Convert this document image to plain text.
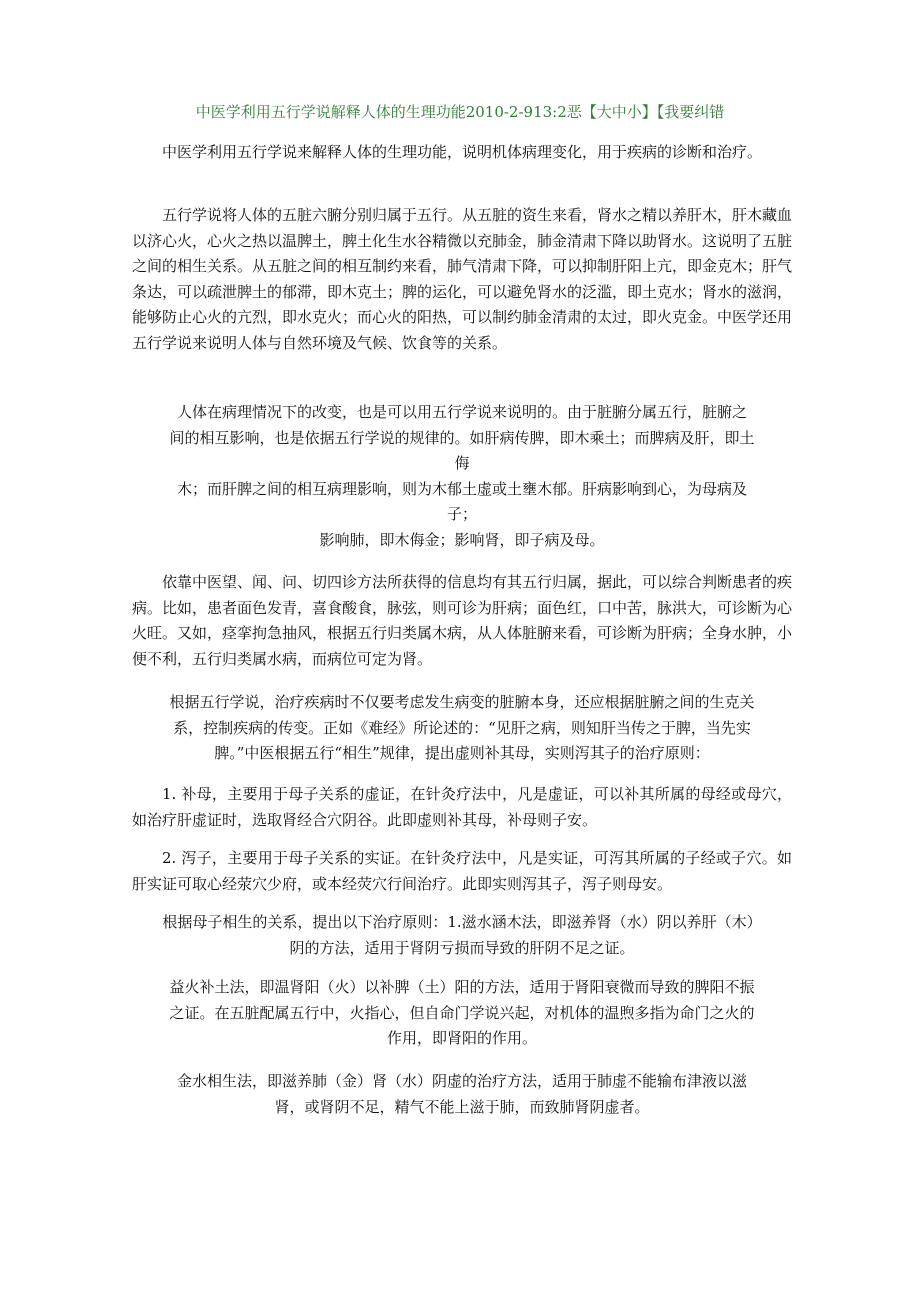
中医学利用五行学说解释人体的生理功能2010-2-913:2恶【大中小】【我要纠错
中医学利用五行学说来解释人体的生理功能，说明机体病理变化，用于疾病的诊断和治疗。
五行学说将人体的五脏六腑分别归属于五行。从五脏的资生来看，肾水之精以养肝木，肝木藏血以济心火，心火之热以温脾土，脾土化生水谷精微以充肺金，肺金清肃下降以助肾水。这说明了五脏之间的相生关系。从五脏之间的相互制约来看，肺气清肃下降，可以抑制肝阳上亢，即金克木；肝气条达，可以疏泄脾土的郁滞，即木克土；脾的运化，可以避免肾水的泛滥，即土克水；肾水的滋润，能够防止心火的亢烈，即水克火；而心火的阳热，可以制约肺金清肃的太过，即火克金。中医学还用五行学说来说明人体与自然环境及气候、饮食等的关系。
人体在病理情况下的改变，也是可以用五行学说来说明的。由于脏腑分属五行，脏腑之
间的相互影响，也是依据五行学说的规律的。如肝病传脾，即木乘土；而脾病及肝，即土
侮
木；而肝脾之间的相互病理影响，则为木郁土虚或土壅木郁。肝病影响到心，为母病及
子；
影响肺，即木侮金；影响肾，即子病及母。
依靠中医望、闻、问、切四诊方法所获得的信息均有其五行归属，据此，可以综合判断患者的疾病。比如，患者面色发青，喜食酸食，脉弦，则可诊为肝病；面色红，口中苦，脉洪大，可诊断为心火旺。又如，痉挛拘急抽风，根据五行归类属木病，从人体脏腑来看，可诊断为肝病；全身水肿，小便不利，五行归类属水病，而病位可定为肾。
根据五行学说，治疗疾病时不仅要考虑发生病变的脏腑本身，还应根据脏腑之间的生克关
系，控制疾病的传变。正如《难经》所论述的：“见肝之病，则知肝当传之于脾，当先实
脾。”中医根据五行“相生”规律，提出虚则补其母，实则泻其子的治疗原则：
1. 补母，主要用于母子关系的虚证，在针灸疗法中，凡是虚证，可以补其所属的母经或母穴，如治疗肝虚证时，选取肾经合穴阴谷。此即虚则补其母，补母则子安。
2. 泻子，主要用于母子关系的实证。在针灸疗法中，凡是实证，可泻其所属的子经或子穴。如肝实证可取心经荥穴少府，或本经荧穴行间治疗。此即实则泻其子，泻子则母安。
根据母子相生的关系，提出以下治疗原则：1.滋水涵木法，即滋养肾（水）阴以养肝（木）
阴的方法，适用于肾阴亏损而导致的肝阴不足之证。
益火补土法，即温肾阳（火）以补脾（土）阳的方法，适用于肾阳衰微而导致的脾阳不振
之证。在五脏配属五行中，火指心，但自命门学说兴起，对机体的温煦多指为命门之火的
作用，即肾阳的作用。
金水相生法，即滋养肺（金）肾（水）阴虚的治疗方法，适用于肺虚不能输布津液以滋
肾，或肾阴不足，精气不能上滋于肺，而致肺肾阴虚者。
